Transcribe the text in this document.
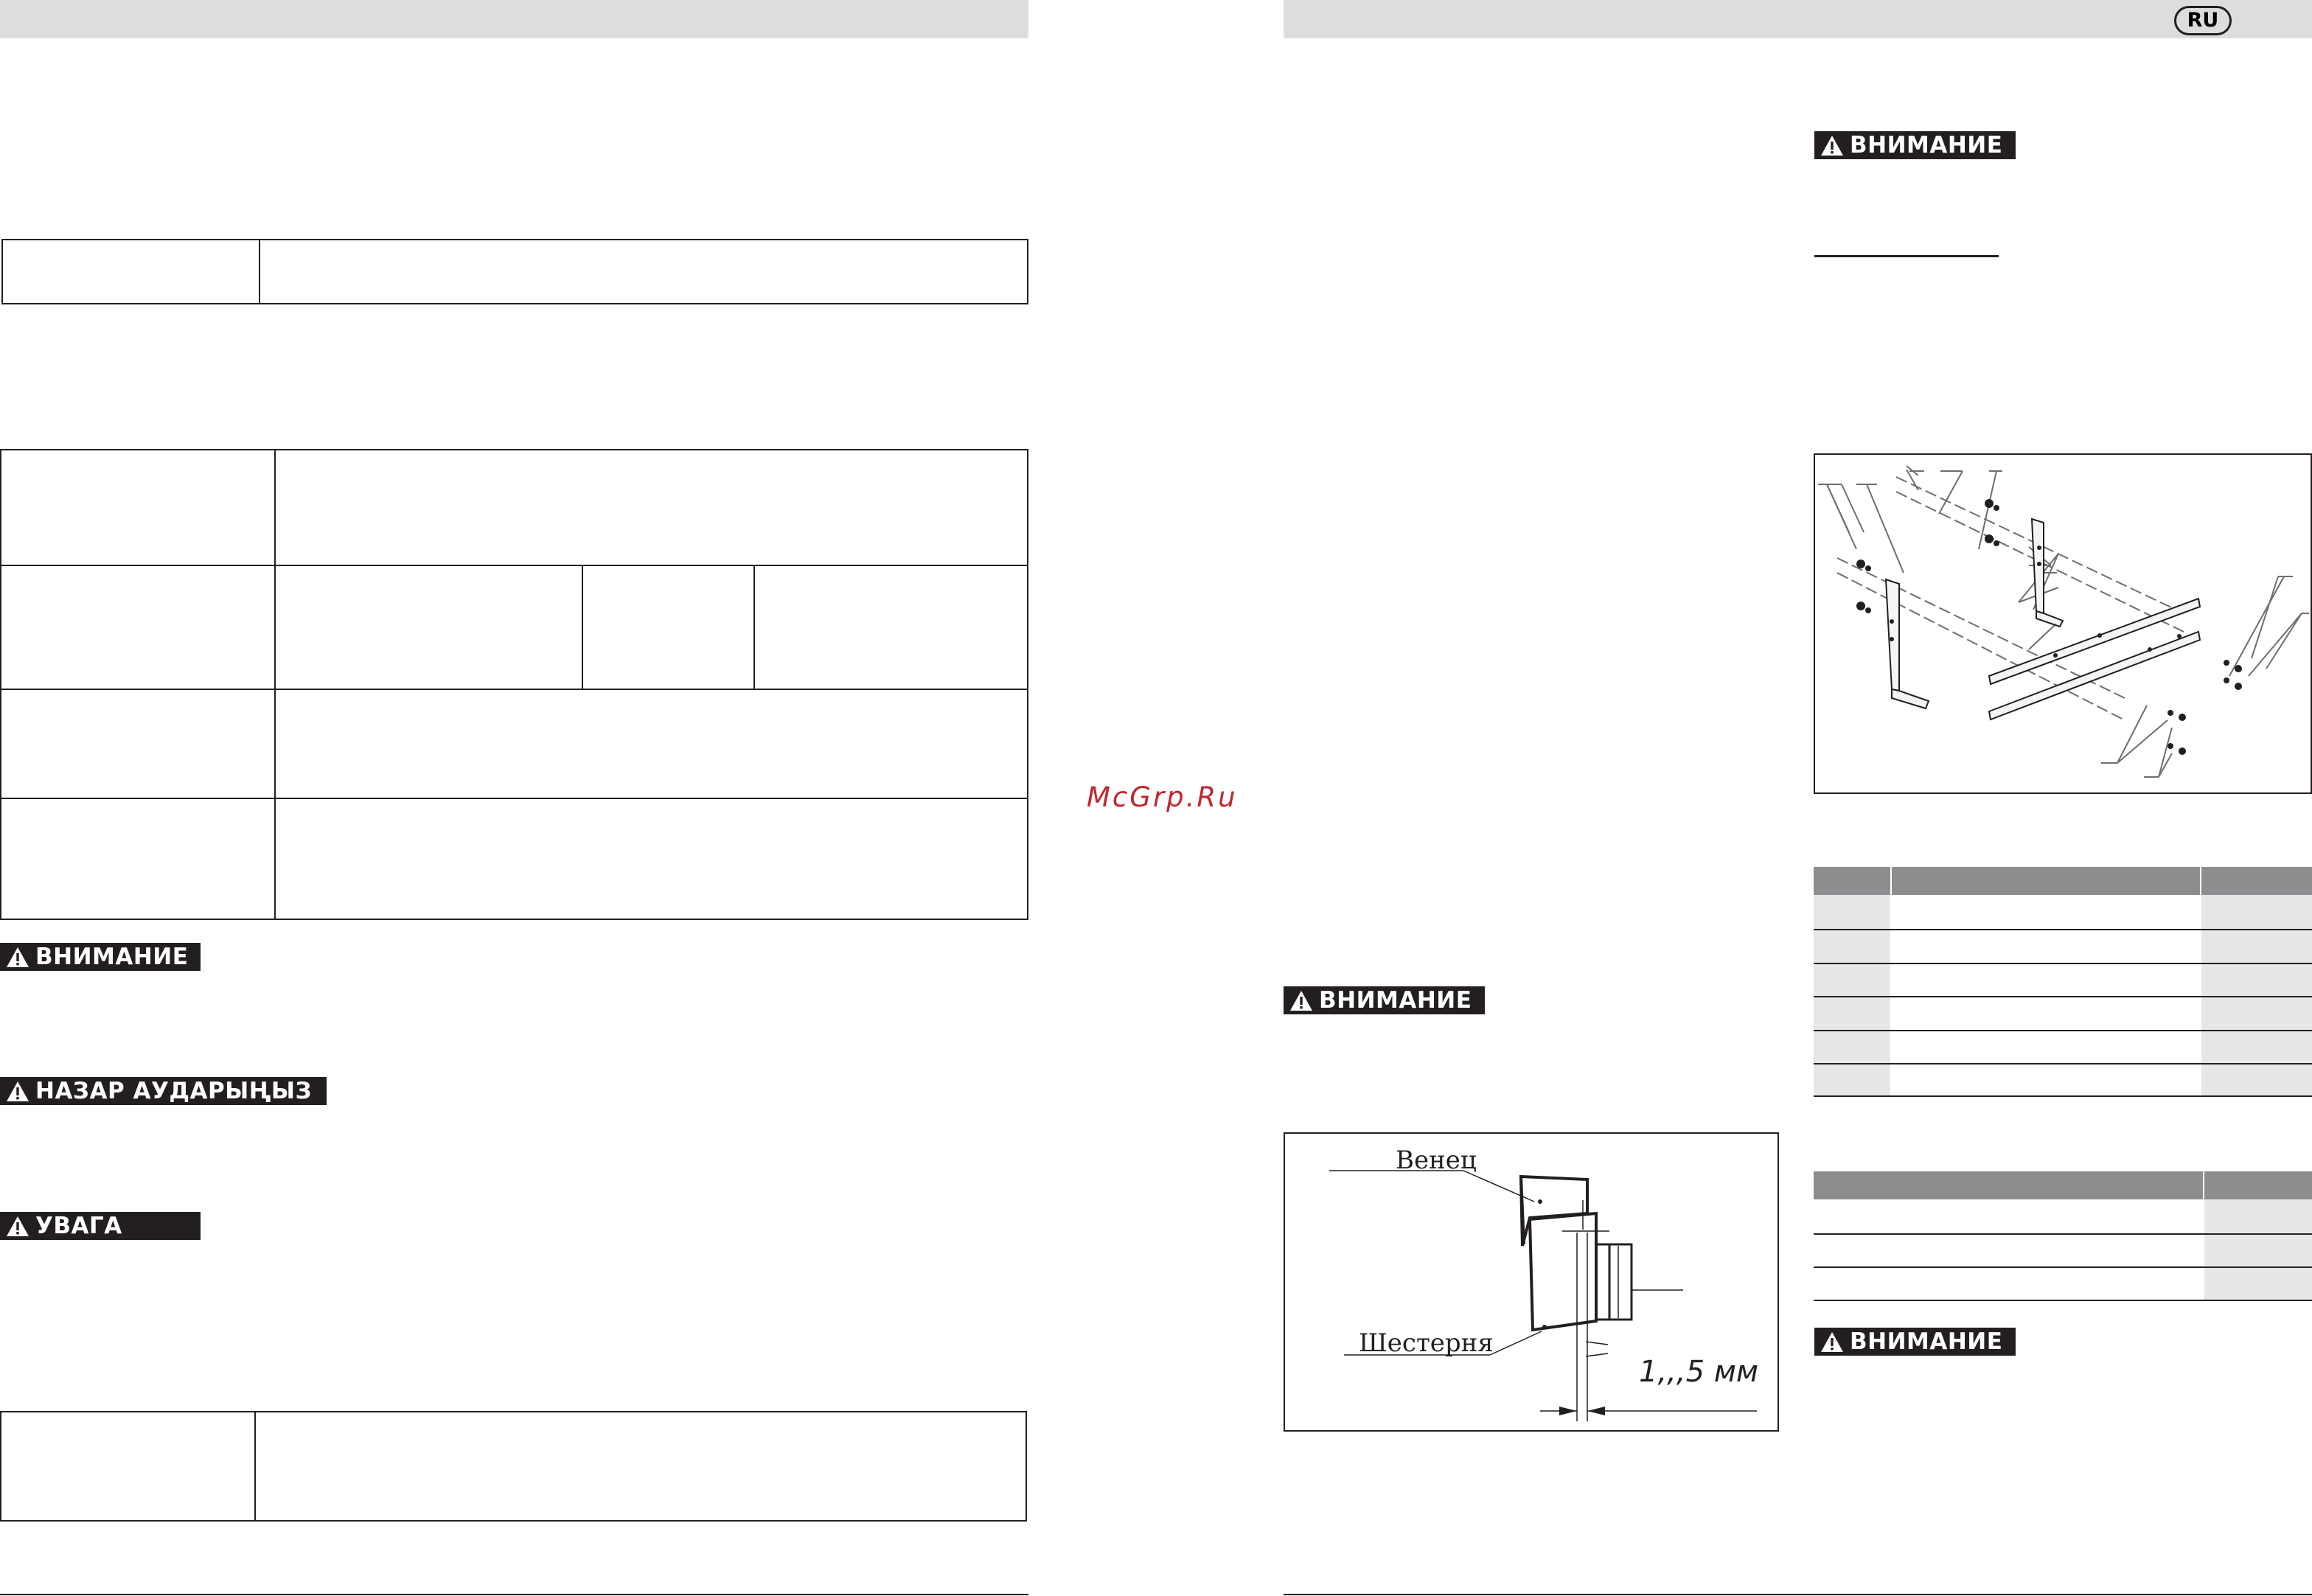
ВНИМАНИЕ
НАЗАР АУДАРЫҢЫЗ
УВАГА
McGrp.Ru
RU
ВНИМАНИЕ
ВНИМАНИЕ
ВНИМАНИЕ
Венец
Шестерня
1,,,5 мм
